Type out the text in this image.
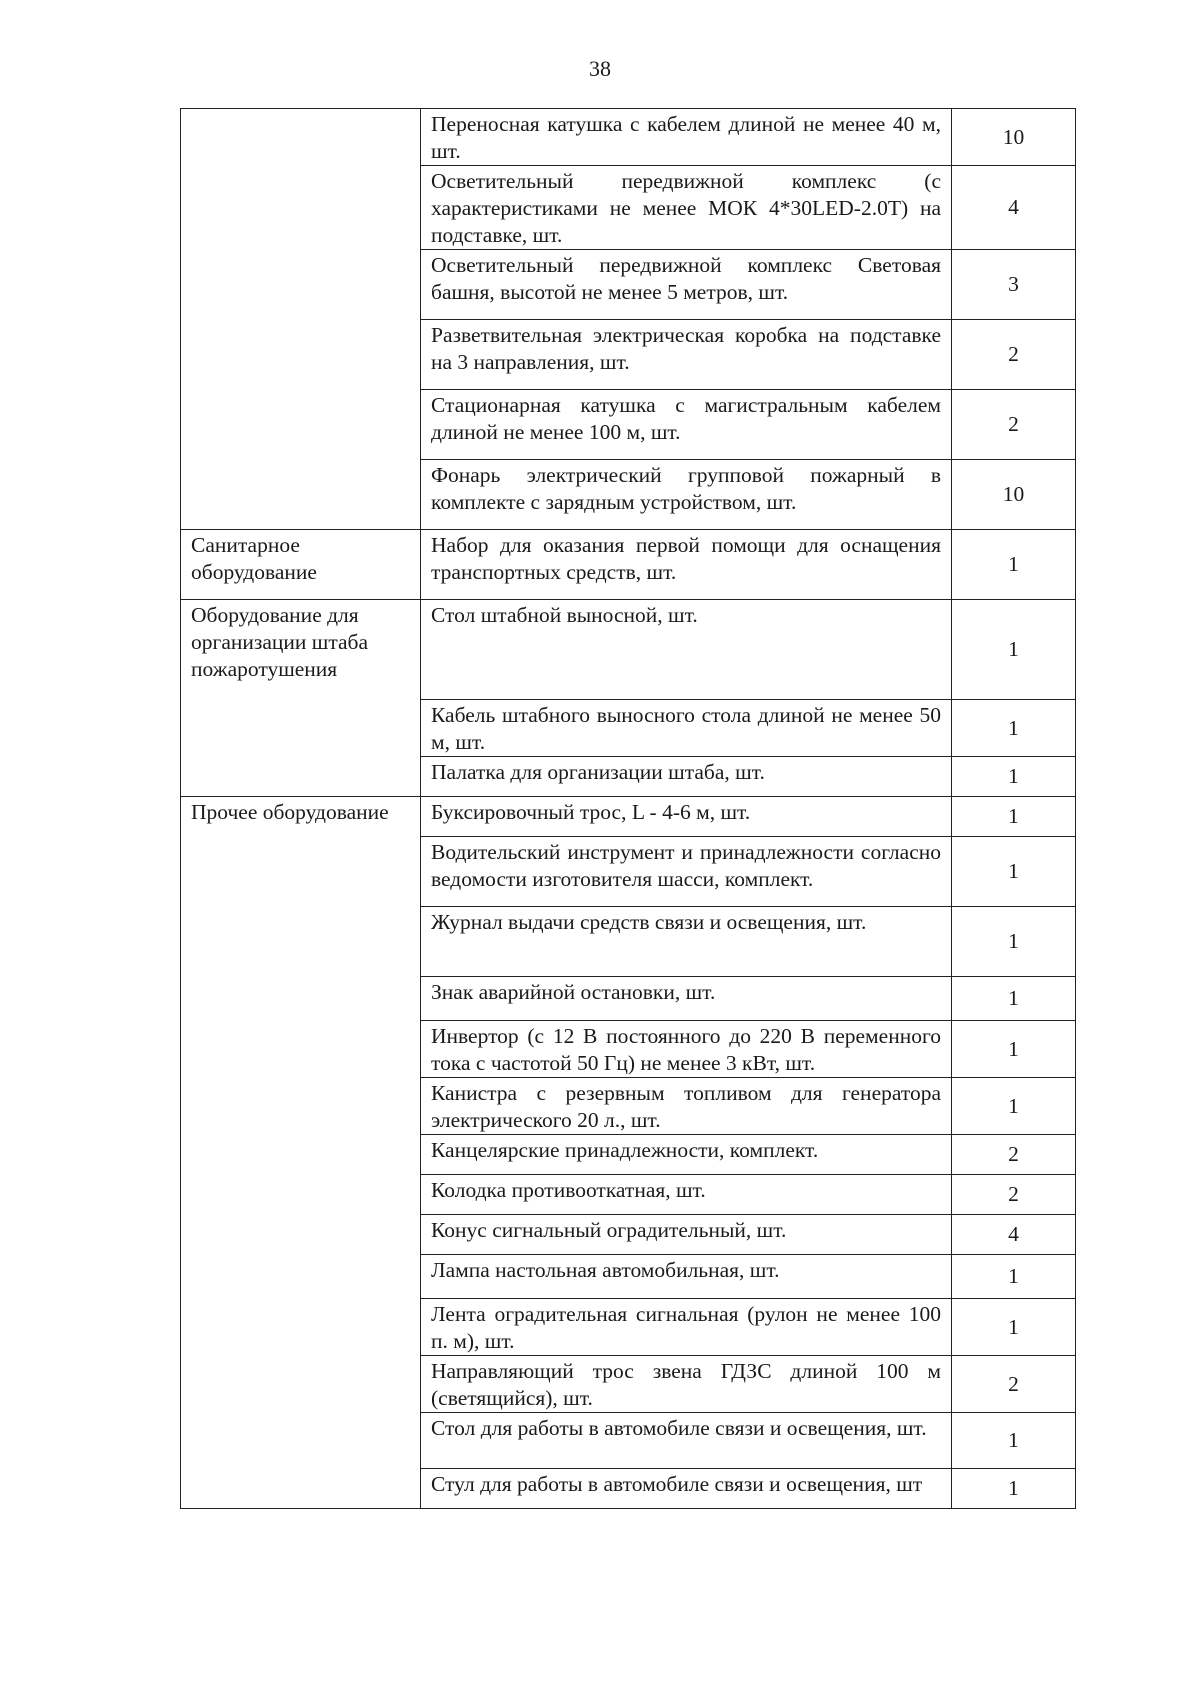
38
	Переносная катушка с кабелем длиной не менее 40 м, шт.	10
	Осветительный передвижной комплекс (с характеристиками не менее МОК 4*30LED-2.0T) на подставке, шт.	4
	Осветительный передвижной комплекс Световая башня, высотой не менее 5 метров, шт.	3
	Разветвительная электрическая коробка на подставке на 3 направления, шт.	2
	Стационарная катушка с магистральным кабелем длиной не менее 100 м, шт.	2
	Фонарь электрический групповой пожарный в комплекте с зарядным устройством, шт.	10
Санитарное оборудование	Набор для оказания первой помощи для оснащения транспортных средств, шт.	1
Оборудование для организации штаба пожаротушения	Стол штабной выносной, шт.	1
	Кабель штабного выносного стола длиной не менее 50 м, шт.	1
	Палатка для организации штаба, шт.	1
Прочее оборудование	Буксировочный трос, L - 4-6 м, шт.	1
	Водительский инструмент и принадлежности согласно ведомости изготовителя шасси, комплект.	1
	Журнал выдачи средств связи и освещения, шт.	1
	Знак аварийной остановки, шт.	1
	Инвертор (с 12 В постоянного до 220 В переменного тока с частотой 50 Гц) не менее 3 кВт, шт.	1
	Канистра с резервным топливом для генератора электрического 20 л., шт.	1
	Канцелярские принадлежности, комплект.	2
	Колодка противооткатная, шт.	2
	Конус сигнальный оградительный, шт.	4
	Лампа настольная автомобильная, шт.	1
	Лента оградительная сигнальная (рулон не менее 100 п. м), шт.	1
	Направляющий трос звена ГДЗС длиной 100 м (светящийся), шт.	2
	Стол для работы в автомобиле связи и освещения, шт.	1
	Стул для работы в автомобиле связи и освещения, шт	1
